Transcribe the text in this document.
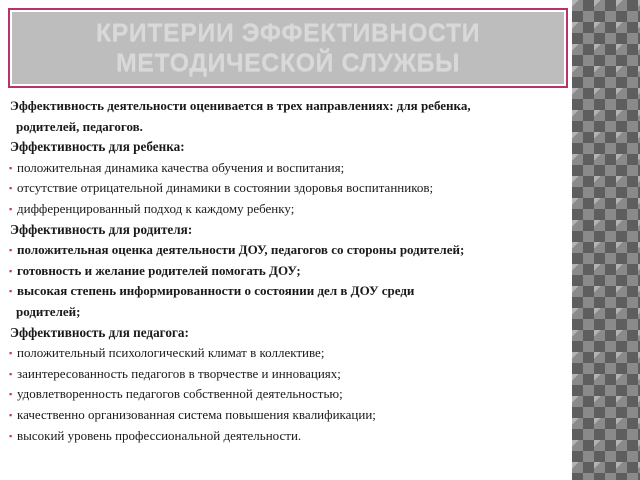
КРИТЕРИИ ЭФФЕКТИВНОСТИ
МЕТОДИЧЕСКОЙ СЛУЖБЫ
Эффективность деятельности оценивается в трех направлениях: для ребенка,
родителей, педагогов.
Эффективность для ребенка:
▪ положительная динамика качества обучения и воспитания;
▪ отсутствие отрицательной динамики в состоянии здоровья воспитанников;
▪ дифференцированный подход к каждому ребенку;
Эффективность для родителя:
▪ положительная оценка деятельности ДОУ, педагогов со стороны родителей;
▪ готовность и желание родителей помогать ДОУ;
▪ высокая степень информированности о состоянии дел в ДОУ среди
родителей;
Эффективность для педагога:
▪ положительный психологический климат в коллективе;
▪ заинтересованность педагогов в творчестве и инновациях;
▪ удовлетворенность педагогов собственной деятельностью;
▪ качественно организованная система повышения квалификации;
▪ высокий уровень профессиональной деятельности.
